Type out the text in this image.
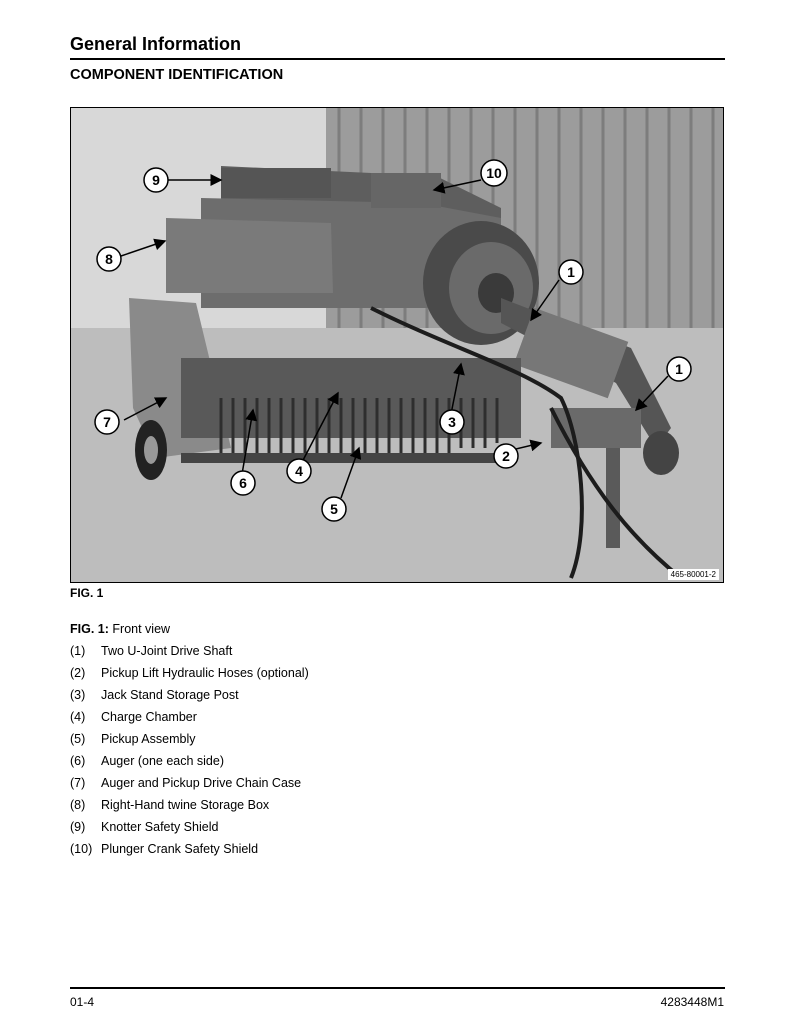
General Information
COMPONENT IDENTIFICATION
9	10
8
1
1
3
7
2
4
6
5
465-80001-2
FIG. 1
FIG. 1: Front view
(1)	Two U-Joint Drive Shaft
(2)	Pickup Lift Hydraulic Hoses (optional)
(3)	Jack Stand Storage Post
(4)	Charge Chamber
(5)	Pickup Assembly
(6)	Auger (one each side)
(7)	Auger and Pickup Drive Chain Case
(8)	Right-Hand twine Storage Box
(9)	Knotter Safety Shield
(10) Plunger Crank Safety Shield
01-4	4283448M1
